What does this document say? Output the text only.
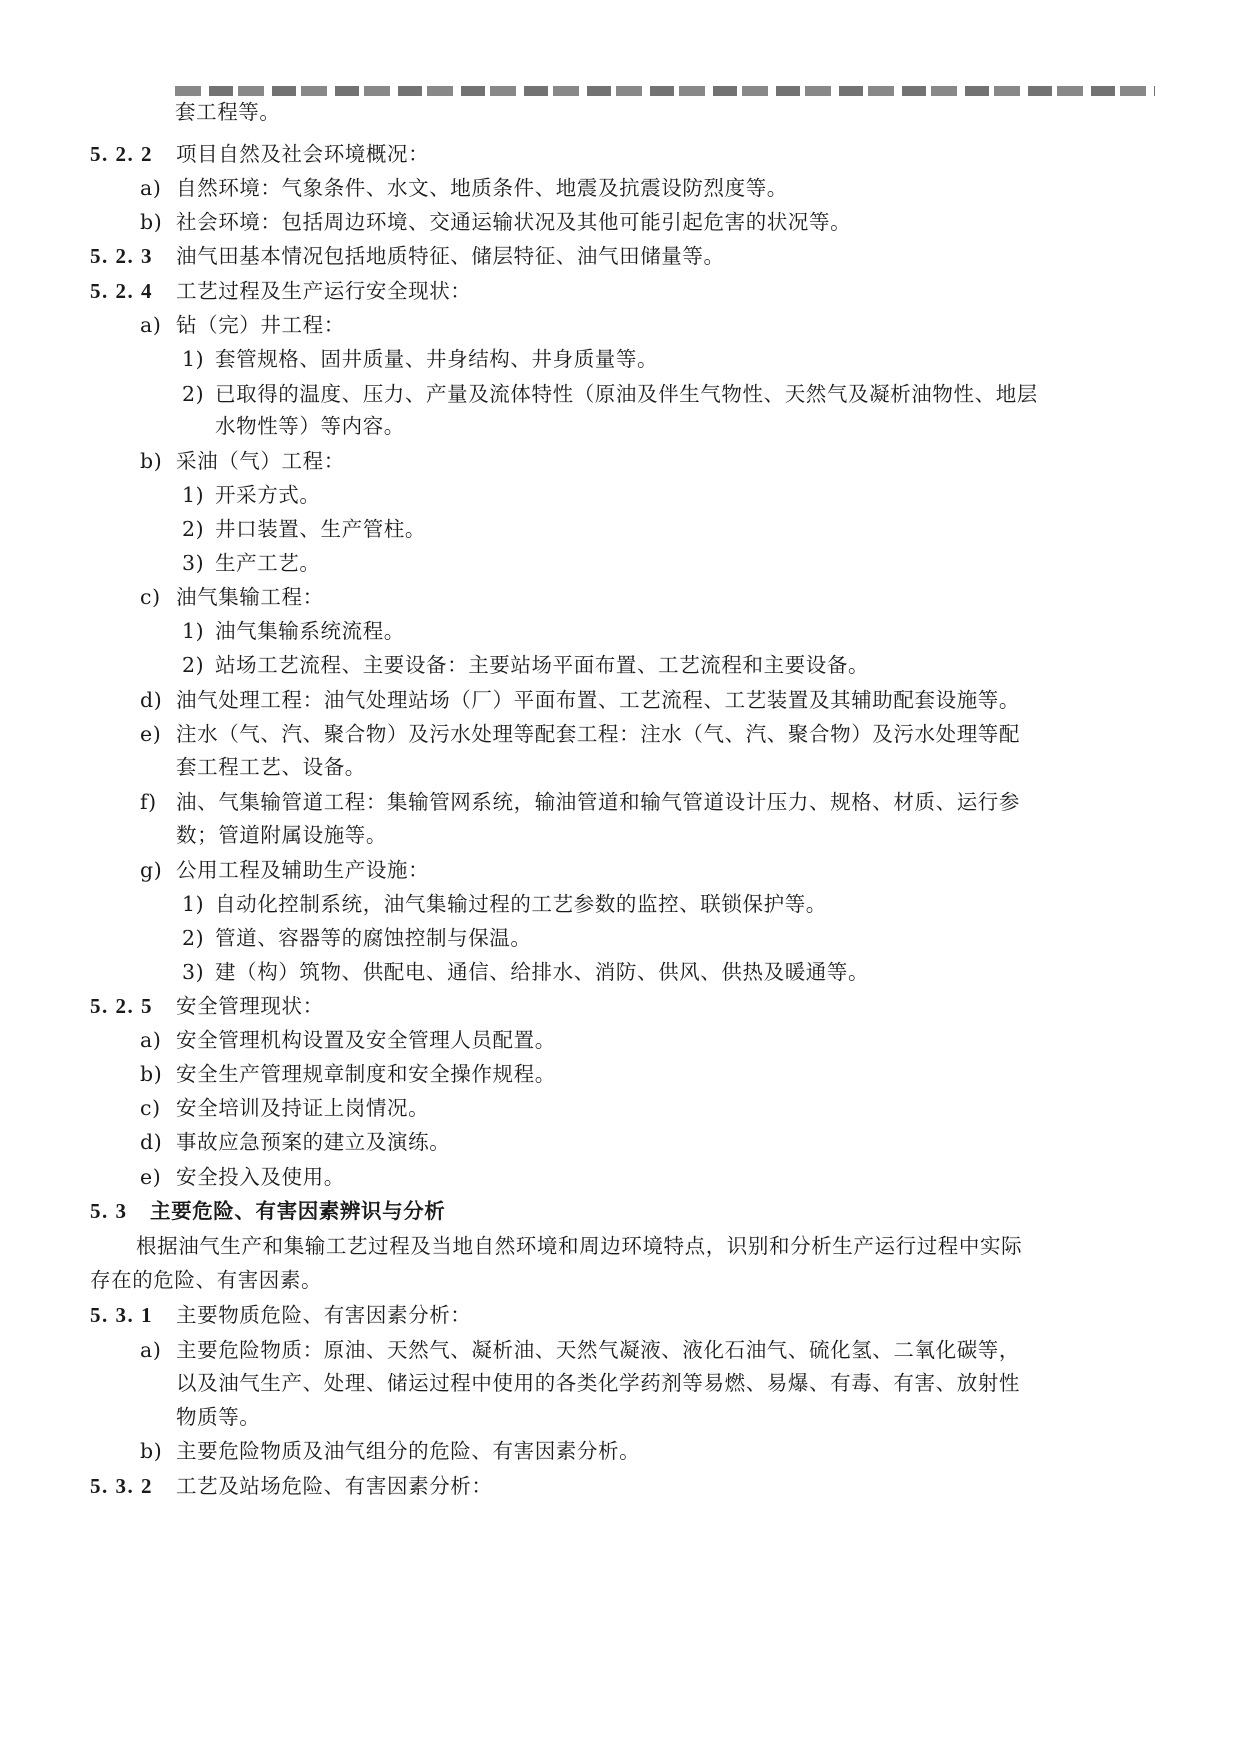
套工程等。
5. 2. 2 项目自然及社会环境概况：
a) 自然环境：气象条件、水文、地质条件、地震及抗震设防烈度等。
b) 社会环境：包括周边环境、交通运输状况及其他可能引起危害的状况等。
5. 2. 3 油气田基本情况包括地质特征、储层特征、油气田储量等。
5. 2. 4 工艺过程及生产运行安全现状：
a) 钻（完）井工程：
1) 套管规格、固井质量、井身结构、井身质量等。
2) 已取得的温度、压力、产量及流体特性（原油及伴生气物性、天然气及凝析油物性、地层
水物性等）等内容。
b) 采油（气）工程：
1) 开采方式。
2) 井口装置、生产管柱。
3) 生产工艺。
c) 油气集输工程：
1) 油气集输系统流程。
2) 站场工艺流程、主要设备：主要站场平面布置、工艺流程和主要设备。
d) 油气处理工程：油气处理站场（厂）平面布置、工艺流程、工艺装置及其辅助配套设施等。
e) 注水（气、汽、聚合物）及污水处理等配套工程：注水（气、汽、聚合物）及污水处理等配
套工程工艺、设备。
f) 油、气集输管道工程：集输管网系统，输油管道和输气管道设计压力、规格、材质、运行参
数；管道附属设施等。
g) 公用工程及辅助生产设施：
1) 自动化控制系统，油气集输过程的工艺参数的监控、联锁保护等。
2) 管道、容器等的腐蚀控制与保温。
3) 建（构）筑物、供配电、通信、给排水、消防、供风、供热及暖通等。
5. 2. 5 安全管理现状：
a) 安全管理机构设置及安全管理人员配置。
b) 安全生产管理规章制度和安全操作规程。
c) 安全培训及持证上岗情况。
d) 事故应急预案的建立及演练。
e) 安全投入及使用。
5. 3 主要危险、有害因素辨识与分析
根据油气生产和集输工艺过程及当地自然环境和周边环境特点，识别和分析生产运行过程中实际
存在的危险、有害因素。
5. 3. 1 主要物质危险、有害因素分析：
a) 主要危险物质：原油、天然气、凝析油、天然气凝液、液化石油气、硫化氢、二氧化碳等，
以及油气生产、处理、储运过程中使用的各类化学药剂等易燃、易爆、有毒、有害、放射性
物质等。
b) 主要危险物质及油气组分的危险、有害因素分析。
5. 3. 2 工艺及站场危险、有害因素分析：
